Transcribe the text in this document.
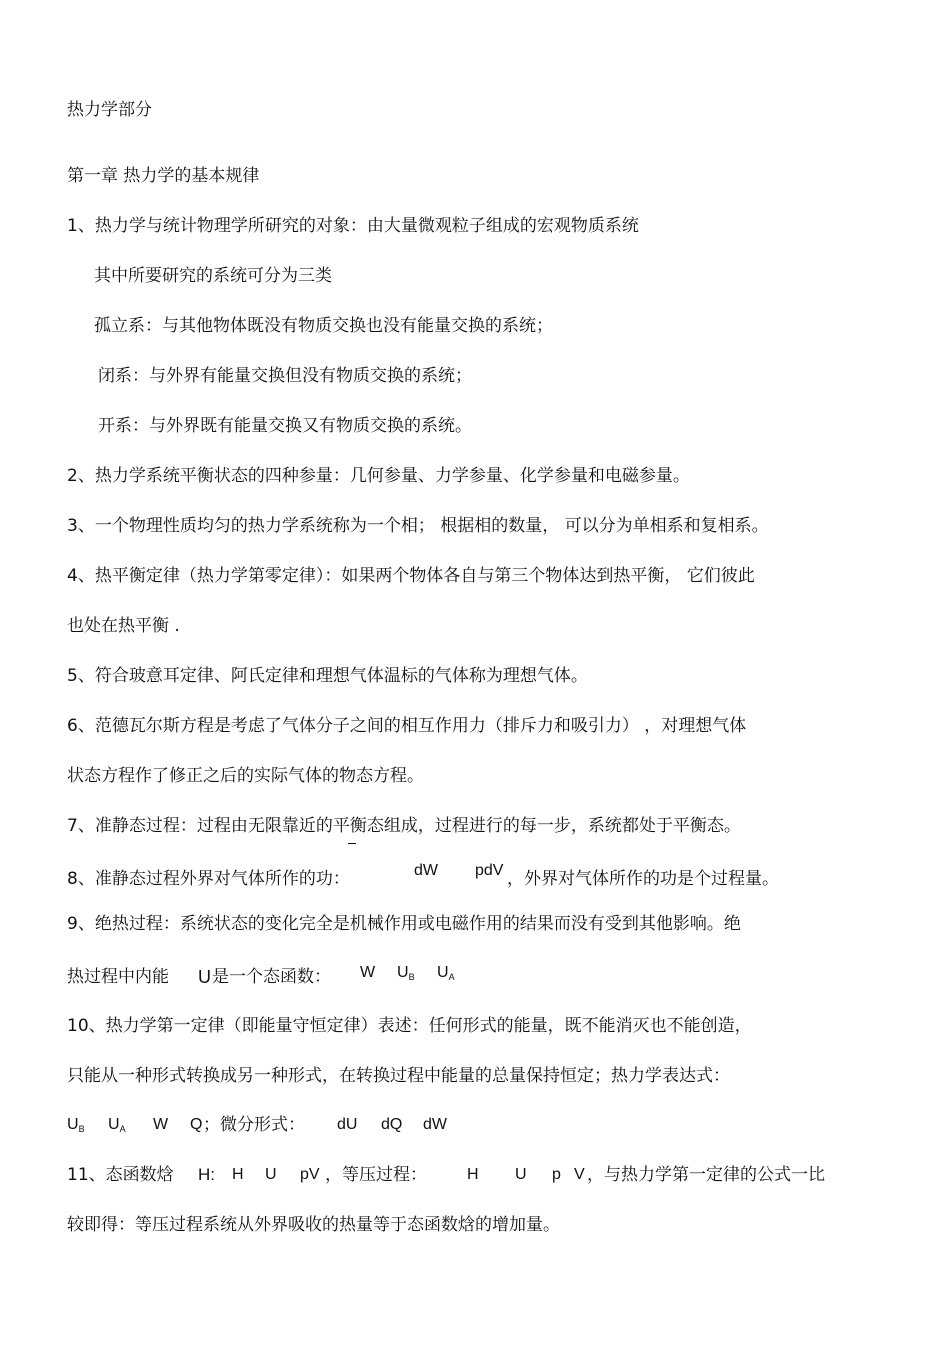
热力学部分
第一章 热力学的基本规律
1、热力学与统计物理学所研究的对象：由大量微观粒子组成的宏观物质系统
其中所要研究的系统可分为三类
孤立系：与其他物体既没有物质交换也没有能量交换的系统；
闭系：与外界有能量交换但没有物质交换的系统；
开系：与外界既有能量交换又有物质交换的系统。
2、热力学系统平衡状态的四种参量：几何参量、力学参量、化学参量和电磁参量。
3、一个物理性质均匀的热力学系统称为一个相； 根据相的数量， 可以分为单相系和复相系。
4、热平衡定律（热力学第零定律）：如果两个物体各自与第三个物体达到热平衡， 它们彼此
也处在热平衡 .
5、符合玻意耳定律、阿氏定律和理想气体温标的气体称为理想气体。
6、范德瓦尔斯方程是考虑了气体分子之间的相互作用力（排斥力和吸引力） ，对理想气体
状态方程作了修正之后的实际气体的物态方程。
7、准静态过程：过程由无限靠近的平衡态组成，过程进行的每一步，系统都处于平衡态。
8、准静态过程外界对气体所作的功：	dW pdV ，外界对气体所作的功是个过程量。
9、绝热过程：系统状态的变化完全是机械作用或电磁作用的结果而没有受到其他影响。绝
热过程中内能 U 是一个态函数： W $U_B$ $U_A$
10、热力学第一定律（即能量守恒定律）表述：任何形式的能量，既不能消灭也不能创造，
只能从一种形式转换成另一种形式，在转换过程中能量的总量保持恒定；热力学表达式：
$U_B$ $U_A$ W Q ；微分形式： dU dQ dW
11、态函数焓 H: H U pV ，等压过程：	H U p V ，与热力学第一定律的公式一比
较即得：等压过程系统从外界吸收的热量等于态函数焓的增加量。
